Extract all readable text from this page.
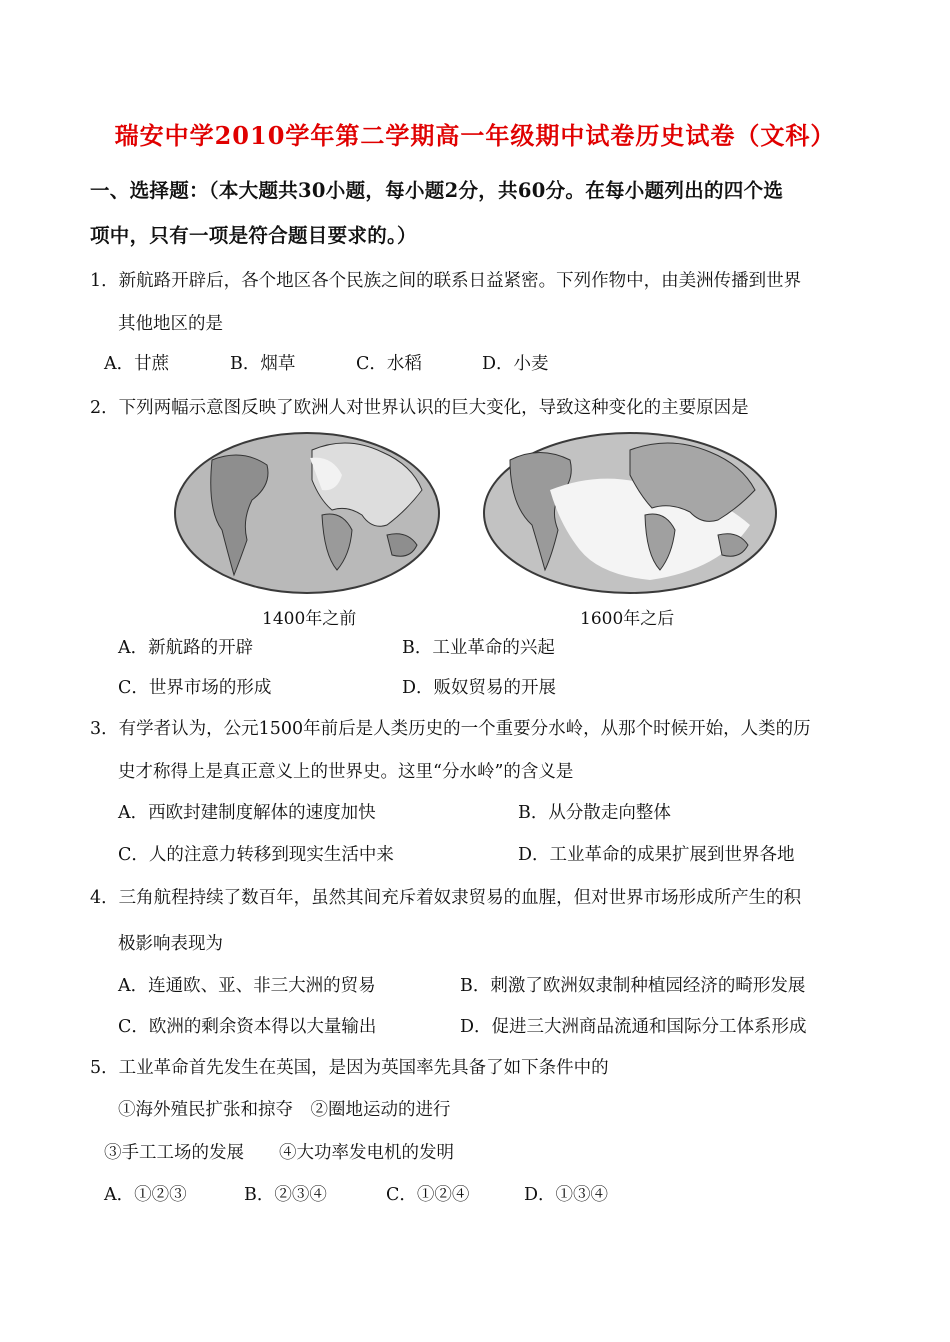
瑞安中学2010学年第二学期高一年级期中试卷历史试卷（文科）
一、选择题：（本大题共30小题，每小题2分，共60分。在每小题列出的四个选
项中，只有一项是符合题目要求的。）
1．新航路开辟后，各个地区各个民族之间的联系日益紧密。下列作物中，由美洲传播到世界
其他地区的是
A．甘蔗	B．烟草	C．水稻	D．小麦
2．下列两幅示意图反映了欧洲人对世界认识的巨大变化，导致这种变化的主要原因是
1400年之前	1600年之后
A．新航路的开辟	B．工业革命的兴起
C．世界市场的形成	D．贩奴贸易的开展
3．有学者认为，公元1500年前后是人类历史的一个重要分水岭，从那个时候开始，人类的历
史才称得上是真正意义上的世界史。这里“分水岭”的含义是
A．西欧封建制度解体的速度加快	B．从分散走向整体
C．人的注意力转移到现实生活中来	D．工业革命的成果扩展到世界各地
4．三角航程持续了数百年，虽然其间充斥着奴隶贸易的血腥，但对世界市场形成所产生的积
极影响表现为
A．连通欧、亚、非三大洲的贸易	B．刺激了欧洲奴隶制种植园经济的畸形发展
C．欧洲的剩余资本得以大量输出	D．促进三大洲商品流通和国际分工体系形成
5．工业革命首先发生在英国，是因为英国率先具备了如下条件中的
①海外殖民扩张和掠夺　②圈地运动的进行
③手工工场的发展　　④大功率发电机的发明
A．①②③	B．②③④	C．①②④	D．①③④
